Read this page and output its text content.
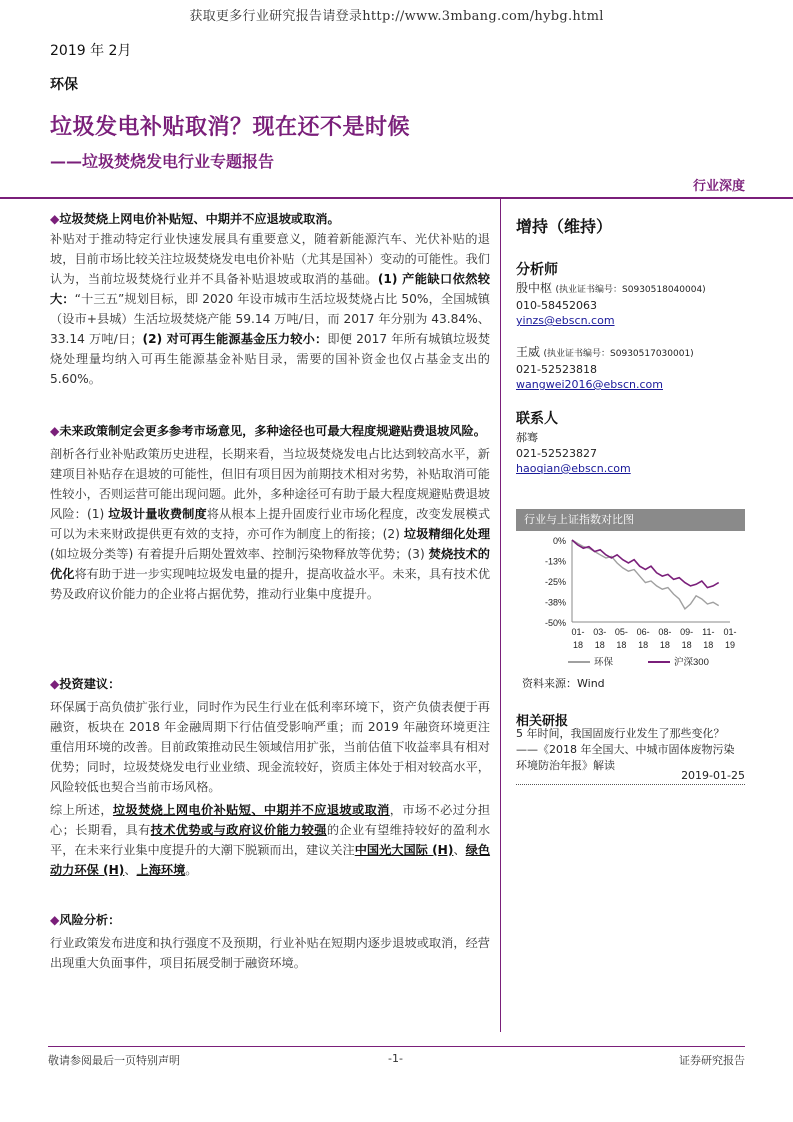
获取更多行业研究报告请登录http://www.3mbang.com/hybg.html
2019 年 2月
环保
垃圾发电补贴取消？现在还不是时候
——垃圾焚烧发电行业专题报告
行业深度

◆垃圾焚烧上网电价补贴短、中期并不应退坡或取消。

补贴对于推动特定行业快速发展具有重要意义，随着新能源汽车、光伏补贴的退坡，目前市场比较关注垃圾焚烧发电电价补贴（尤其是国补）变动的可能性。我们认为，当前垃圾焚烧行业并不具备补贴退坡或取消的基础。(1) 产能缺口依然较大：“十三五”规划目标，即 2020 年设市城市生活垃圾焚烧占比 50%，全国城镇（设市+县城）生活垃圾焚烧产能 59.14 万吨/日，而 2017 年分别为 43.84%、33.14 万吨/日；(2) 对可再生能源基金压力较小：即便 2017 年所有城镇垃圾焚烧处理量均纳入可再生能源基金补贴目录，需要的国补资金也仅占基金支出的 5.60%。

◆未来政策制定会更多参考市场意见，多种途径也可最大程度规避贴费退坡风险。

剖析各行业补贴政策历史进程，长期来看，当垃圾焚烧发电占比达到较高水平，新建项目补贴存在退坡的可能性，但旧有项目因为前期技术相对劣势，补贴取消可能性较小，否则运营可能出现问题。此外，多种途径可有助于最大程度规避贴费退坡风险：(1) 垃圾计量收费制度将从根本上提升固废行业市场化程度，改变发展模式可以为未来财政提供更有效的支持，亦可作为制度上的衔接；(2) 垃圾精细化处理(如垃圾分类等) 有着提升后期处置效率、控制污染物释放等优势；(3) 焚烧技术的优化将有助于进一步实现吨垃圾发电量的提升，提高收益水平。未来，具有技术优势及政府议价能力的企业将占据优势，推动行业集中度提升。

◆投资建议：

环保属于高负债扩张行业，同时作为民生行业在低利率环境下，资产负债表便于再融资，板块在 2018 年金融周期下行估值受影响严重；而 2019 年融资环境更注重信用环境的改善。目前政策推动民生领域信用扩张，当前估值下收益率具有相对优势；同时，垃圾焚烧发电行业业绩、现金流较好，资质主体处于相对较高水平，风险较低也契合当前市场风格。

综上所述，垃圾焚烧上网电价补贴短、中期并不应退坡或取消，市场不必过分担心；长期看，具有技术优势或与政府议价能力较强的企业有望维持较好的盈利水平，在未来行业集中度提升的大潮下脱颖而出，建议关注中国光大国际 (H)、绿色动力环保 (H)、上海环境。

◆风险分析：

行业政策发布进度和执行强度不及预期，行业补贴在短期内逐步退坡或取消，经营出现重大负面事件，项目拓展受制于融资环境。

增持（维持）
分析师
殷中枢 (执业证书编号：S0930518040004)
010-58452063
yinzs@ebscn.com
王威 (执业证书编号：S0930517030001)
021-52523818
wangwei2016@ebscn.com
联系人
郝骞
021-52523827
haoqian@ebscn.com
行业与上证指数对比图
0%
-13%
-25%
-38%
-50%
01-18
03-18
05-18
06-18
08-18
09-18
11-18
01-19
环保	沪深300
资料来源：Wind
相关研报
5 年时间，我国固废行业发生了那些变化？——《2018 年全国大、中城市固体废物污染环境防治年报》解读
2019-01-25
敬请参阅最后一页特别声明	-1-	证券研究报告
